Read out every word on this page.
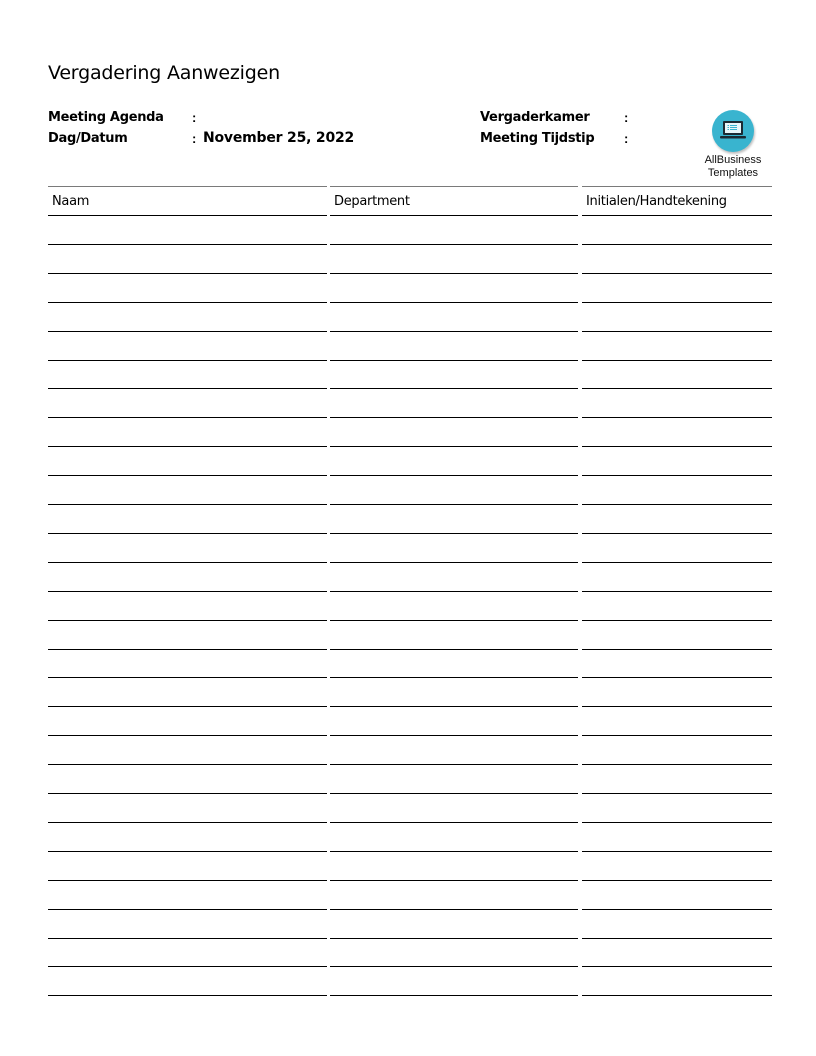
Vergadering Aanwezigen
Meeting Agenda :
Dag/Datum	: November 25, 2022
Vergaderkamer	:
Meeting Tijdstip :
AllBusiness
Templates
Naam	Department	Initialen/Handtekening
